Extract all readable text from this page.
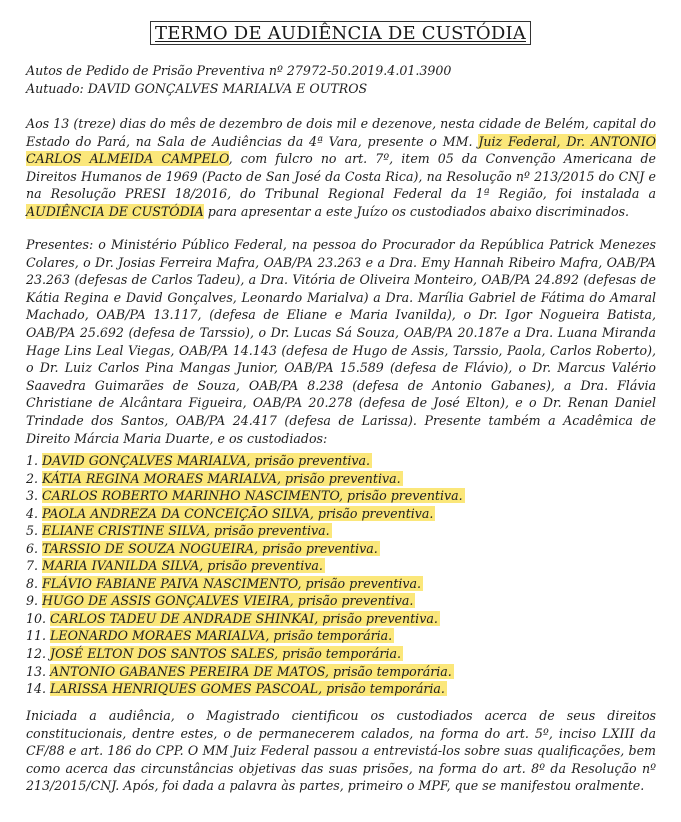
TERMO DE AUDIÊNCIA DE CUSTÓDIA
Autos de Pedido de Prisão Preventiva nº 27972-50.2019.4.01.3900
Autuado: DAVID GONÇALVES MARIALVA E OUTROS
Aos 13 (treze) dias do mês de dezembro de dois mil e dezenove, nesta cidade de Belém, capital do Estado do Pará, na Sala de Audiências da 4ª Vara, presente o MM. Juiz Federal, Dr. ANTONIO CARLOS ALMEIDA CAMPELO, com fulcro no art. 7º, item 05 da Convenção Americana de Direitos Humanos de 1969 (Pacto de San José da Costa Rica), na Resolução nº 213/2015 do CNJ e na Resolução PRESI 18/2016, do Tribunal Regional Federal da 1ª Região, foi instalada a AUDIÊNCIA DE CUSTÓDIA para apresentar a este Juízo os custodiados abaixo discriminados.
Presentes: o Ministério Público Federal, na pessoa do Procurador da República Patrick Menezes Colares, o Dr. Josias Ferreira Mafra, OAB/PA 23.263 e a Dra. Emy Hannah Ribeiro Mafra, OAB/PA 23.263 (defesas de Carlos Tadeu), a Dra. Vitória de Oliveira Monteiro, OAB/PA 24.892 (defesas de Kátia Regina e David Gonçalves, Leonardo Marialva) a Dra. Marília Gabriel de Fátima do Amaral Machado, OAB/PA 13.117, (defesa de Eliane e Maria Ivanilda), o Dr. Igor Nogueira Batista, OAB/PA 25.692 (defesa de Tarssio), o Dr. Lucas Sá Souza, OAB/PA 20.187e a Dra. Luana Miranda Hage Lins Leal Viegas, OAB/PA 14.143 (defesa de Hugo de Assis, Tarssio, Paola, Carlos Roberto), o Dr. Luiz Carlos Pina Mangas Junior, OAB/PA 15.589 (defesa de Flávio), o Dr. Marcus Valério Saavedra Guimarães de Souza, OAB/PA 8.238 (defesa de Antonio Gabanes), a Dra. Flávia Christiane de Alcântara Figueira, OAB/PA 20.278 (defesa de José Elton), e o Dr. Renan Daniel Trindade dos Santos, OAB/PA 24.417 (defesa de Larissa). Presente também a Acadêmica de Direito Márcia Maria Duarte, e os custodiados:
1. DAVID GONÇALVES MARIALVA, prisão preventiva.
2. KÁTIA REGINA MORAES MARIALVA, prisão preventiva.
3. CARLOS ROBERTO MARINHO NASCIMENTO, prisão preventiva.
4. PAOLA ANDREZA DA CONCEIÇÃO SILVA, prisão preventiva.
5. ELIANE CRISTINE SILVA, prisão preventiva.
6. TARSSIO DE SOUZA NOGUEIRA, prisão preventiva.
7. MARIA IVANILDA SILVA, prisão preventiva.
8. FLÁVIO FABIANE PAIVA NASCIMENTO, prisão preventiva.
9. HUGO DE ASSIS GONÇALVES VIEIRA, prisão preventiva.
10. CARLOS TADEU DE ANDRADE SHINKAI, prisão preventiva.
11. LEONARDO MORAES MARIALVA, prisão temporária.
12. JOSÉ ELTON DOS SANTOS SALES, prisão temporária.
13. ANTONIO GABANES PEREIRA DE MATOS, prisão temporária.
14. LARISSA HENRIQUES GOMES PASCOAL, prisão temporária.
Iniciada a audiência, o Magistrado cientificou os custodiados acerca de seus direitos constitucionais, dentre estes, o de permanecerem calados, na forma do art. 5º, inciso LXIII da CF/88 e art. 186 do CPP. O MM Juiz Federal passou a entrevistá-los sobre suas qualificações, bem como acerca das circunstâncias objetivas das suas prisões, na forma do art. 8º da Resolução nº 213/2015/CNJ. Após, foi dada a palavra às partes, primeiro o MPF, que se manifestou oralmente.
